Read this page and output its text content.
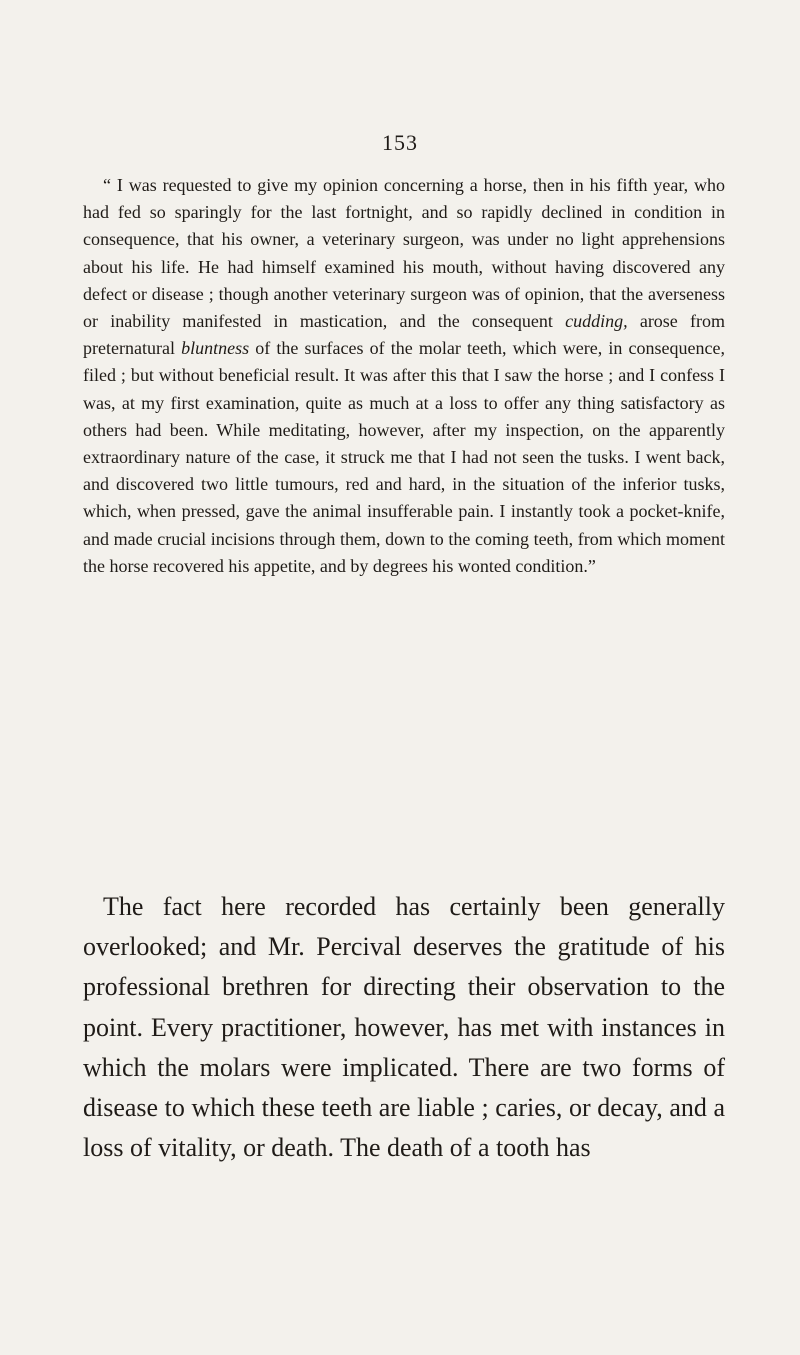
153

“ I was requested to give my opinion concerning a horse, then in his fifth year, who had fed so sparingly for the last fortnight, and so rapidly declined in condition in consequence, that his owner, a veterinary surgeon, was under no light apprehensions about his life. He had himself examined his mouth, without having discovered any defect or disease ; though another veterinary surgeon was of opinion, that the averseness or inability manifested in mastication, and the consequent cudding, arose from preternatural bluntness of the surfaces of the molar teeth, which were, in consequence, filed ; but without beneficial result. It was after this that I saw the horse ; and I confess I was, at my first examination, quite as much at a loss to offer any thing satisfactory as others had been. While meditating, however, after my inspection, on the apparently extraordinary nature of the case, it struck me that I had not seen the tusks. I went back, and discovered two little tumours, red and hard, in the situation of the inferior tusks, which, when pressed, gave the animal insufferable pain. I instantly took a pocket-knife, and made crucial incisions through them, down to the coming teeth, from which moment the horse recovered his appetite, and by degrees his wonted condition.”

The fact here recorded has certainly been generally overlooked; and Mr. Percival deserves the gratitude of his professional brethren for directing their observation to the point. Every practitioner, however, has met with instances in which the molars were implicated. There are two forms of disease to which these teeth are liable ; caries, or decay, and a loss of vitality, or death. The death of a tooth has
